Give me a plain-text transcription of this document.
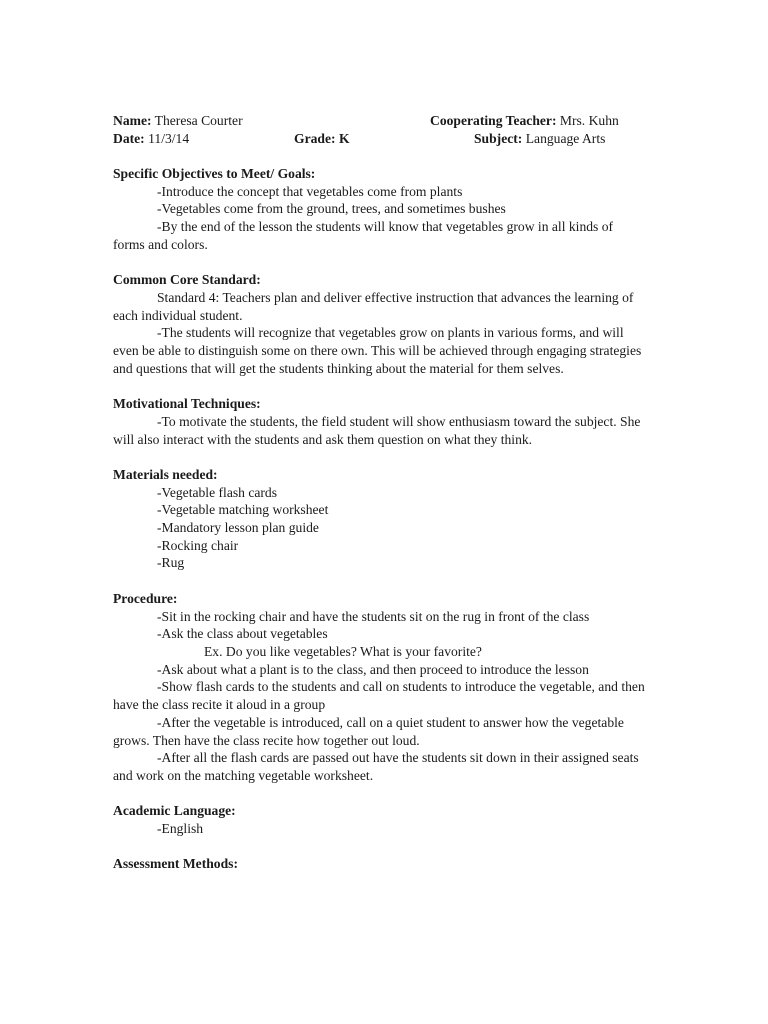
Name: Theresa Courter	Cooperating Teacher: Mrs. Kuhn
Date: 11/3/14	Grade: K	Subject: Language Arts

Specific Objectives to Meet/ Goals:

-Introduce the concept that vegetables come from plants

-Vegetables come from the ground, trees, and sometimes bushes

-By the end of the lesson the students will know that vegetables grow in all kinds of forms and colors.

Common Core Standard:

Standard 4: Teachers plan and deliver effective instruction that advances the learning of each individual student.

-The students will recognize that vegetables grow on plants in various forms, and will even be able to distinguish some on there own. This will be achieved through engaging strategies and questions that will get the students thinking about the material for them selves.

Motivational Techniques:

-To motivate the students, the field student will show enthusiasm toward the subject. She will also interact with the students and ask them question on what they think.

Materials needed:

-Vegetable flash cards

-Vegetable matching worksheet

-Mandatory lesson plan guide

-Rocking chair

-Rug

Procedure:

-Sit in the rocking chair and have the students sit on the rug in front of the class

-Ask the class about vegetables

Ex. Do you like vegetables? What is your favorite?

-Ask about what a plant is to the class, and then proceed to introduce the lesson

-Show flash cards to the students and call on students to introduce the vegetable, and then have the class recite it aloud in a group

-After the vegetable is introduced, call on a quiet student to answer how the vegetable grows. Then have the class recite how together out loud.

-After all the flash cards are passed out have the students sit down in their assigned seats and work on the matching vegetable worksheet.

Academic Language:

-English

Assessment Methods:
